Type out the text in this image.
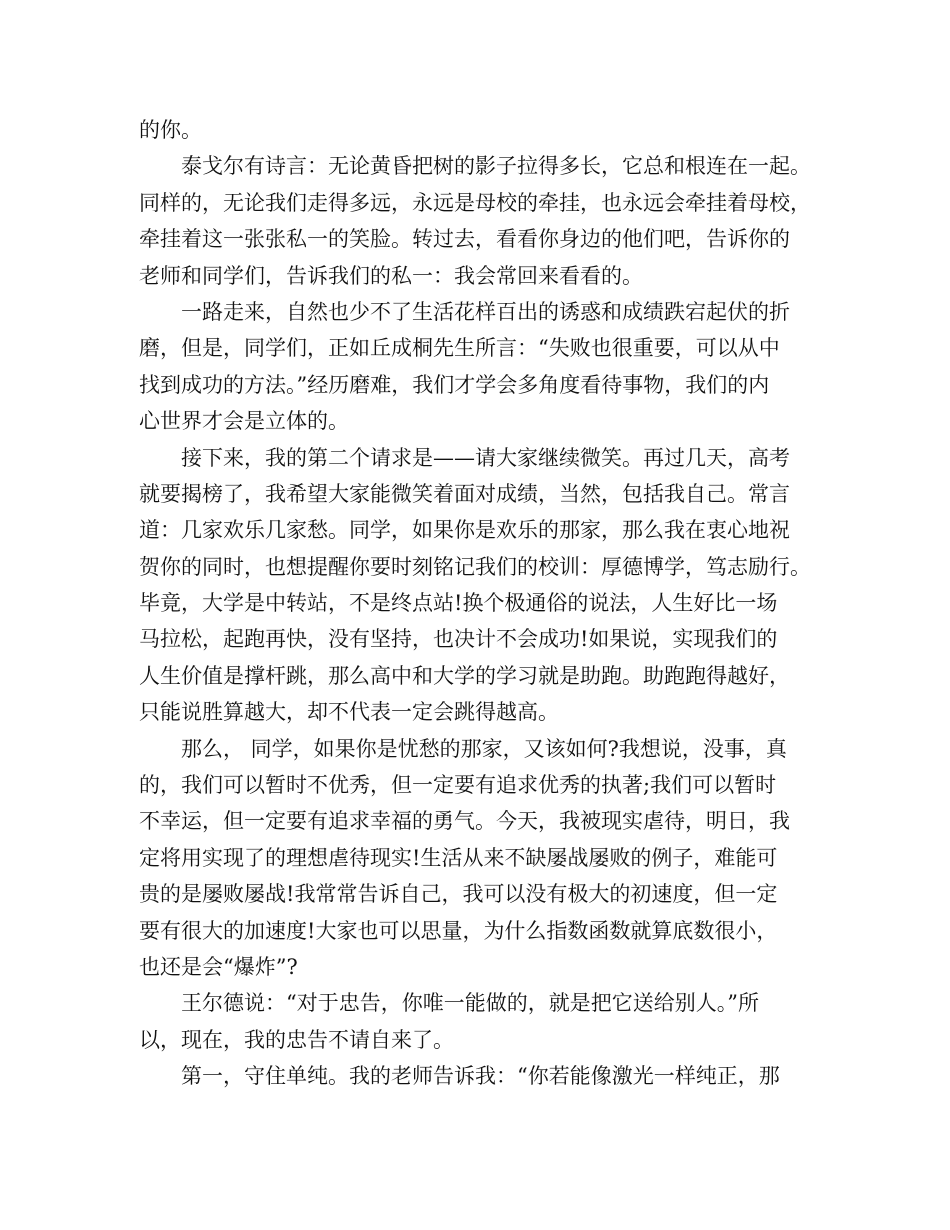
的你。
　　泰戈尔有诗言：无论黄昏把树的影子拉得多长，它总和根连在一起。
同样的，无论我们走得多远，永远是母校的牵挂，也永远会牵挂着母校，
牵挂着这一张张私一的笑脸。转过去，看看你身边的他们吧，告诉你的
老师和同学们，告诉我们的私一：我会常回来看看的。
　　一路走来，自然也少不了生活花样百出的诱惑和成绩跌宕起伏的折
磨，但是，同学们，正如丘成桐先生所言：“失败也很重要，可以从中
找到成功的方法。”经历磨难，我们才学会多角度看待事物，我们的内
心世界才会是立体的。
　　接下来，我的第二个请求是——请大家继续微笑。再过几天，高考
就要揭榜了，我希望大家能微笑着面对成绩，当然，包括我自己。常言
道：几家欢乐几家愁。同学，如果你是欢乐的那家，那么我在衷心地祝
贺你的同时，也想提醒你要时刻铭记我们的校训：厚德博学，笃志励行。
毕竟，大学是中转站，不是终点站!换个极通俗的说法，人生好比一场
马拉松，起跑再快，没有坚持，也决计不会成功!如果说，实现我们的
人生价值是撑杆跳，那么高中和大学的学习就是助跑。助跑跑得越好，
只能说胜算越大，却不代表一定会跳得越高。
　　那么， 同学，如果你是忧愁的那家，又该如何?我想说，没事，真
的，我们可以暂时不优秀，但一定要有追求优秀的执著;我们可以暂时
不幸运，但一定要有追求幸福的勇气。今天，我被现实虐待，明日，我
定将用实现了的理想虐待现实!生活从来不缺屡战屡败的例子，难能可
贵的是屡败屡战!我常常告诉自己，我可以没有极大的初速度，但一定
要有很大的加速度!大家也可以思量，为什么指数函数就算底数很小，
也还是会“爆炸”?
　　王尔德说：“对于忠告，你唯一能做的，就是把它送给别人。”所
以，现在，我的忠告不请自来了。
　　第一，守住单纯。我的老师告诉我：“你若能像激光一样纯正，那
